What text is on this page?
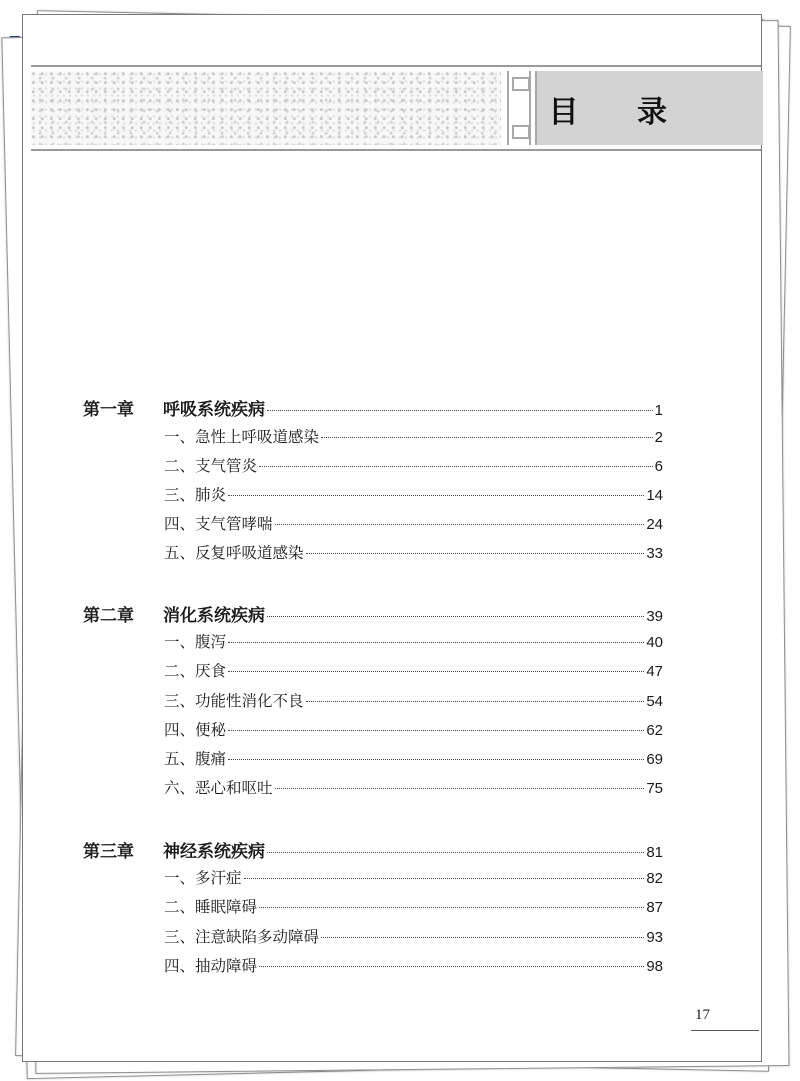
目 录
第一章	呼吸系统疾病	1
一、急性上呼吸道感染	2
二、支气管炎	6
三、肺炎	14
四、支气管哮喘	24
五、反复呼吸道感染	33
第二章	消化系统疾病	39
一、腹泻	40
二、厌食	47
三、功能性消化不良	54
四、便秘	62
五、腹痛	69
六、恶心和呕吐	75
第三章	神经系统疾病	81
一、多汗症	82
二、睡眠障碍	87
三、注意缺陷多动障碍	93
四、抽动障碍	98
17
